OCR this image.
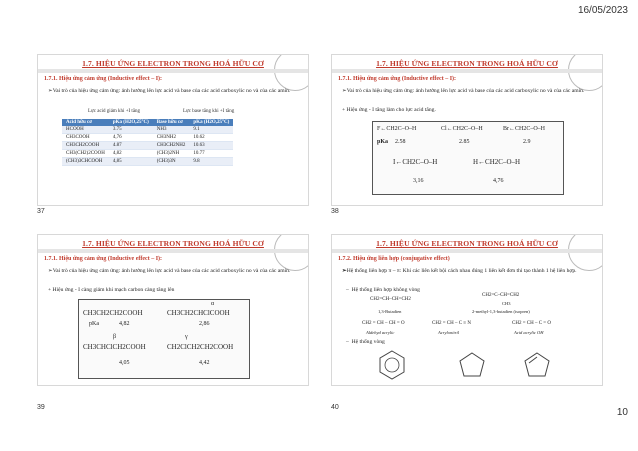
16/05/2023
1.7. HIỆU ỨNG ELECTRON TRONG HOÁ HỮU CƠ
1.7.1. Hiệu ứng cảm ứng (Inductive effect – I):
➢Vai trò của hiệu ứng cảm ứng: ảnh hưởng lên lực acid và base của các acid carboxylic no và của các amin.
Lực acid giảm khi +I tăng	Lực base tăng khi +I tăng
Acid hữu cơ	pKa (H2O,25°C)	Base hữu cơ	pKa (H2O,25°C)
HCOOH	3.75	NH3	9.1
CH3COOH	4,76	CH3NH2	10.62
CH3CH2COOH	4.87	CH3CH2NH2	10.63
CH3(CH2)2COOH	4,82	(CH3)2NH	10.77
(CH3)3CHCOOH	4,85	(CH3)3N	9.8
37
1.7. HIỆU ỨNG ELECTRON TRONG HOÁ HỮU CƠ
1.7.1. Hiệu ứng cảm ứng (Inductive effect – I):
➢Vai trò của hiệu ứng cảm ứng: ảnh hưởng lên lực acid và base của các acid carboxylic no và của các amin.
+ Hiệu ứng - I tăng làm cho lực acid tăng.
F←CH2C–O–H	Cl←CH2C–O–H	Br←CH2C–O–H
pKa 2.58	2.85	2.9
I←CH2C–O–H	H←CH2C–O–H
3,16	4,76
38
1.7. HIỆU ỨNG ELECTRON TRONG HOÁ HỮU CƠ
1.7.1. Hiệu ứng cảm ứng (Inductive effect – I):
➢Vai trò của hiệu ứng cảm ứng: ảnh hưởng lên lực acid và base của các acid carboxylic no và của các amin.
+ Hiệu ứng - I càng giảm khi mạch carbon càng tăng lên
α
CH3CH2CH2COOH	CH3CH2CHClCOOH
pKa	4,82	2,86
β	γ
CH3CHClCH2COOH	CH2ClCH2CH2COOH
4,05	4,42
39
1.7. HIỆU ỨNG ELECTRON TRONG HOÁ HỮU CƠ
1.7.2. Hiệu ứng liên hợp (conjugative effect)
➢Hệ thống liên hợp π – π: Khi các liên kết bội cách nhau đúng 1 liên kết đơn thì tạo thành 1 hệ liên hợp.
–  Hệ thống liên hợp không vòng
CH2=CH–CH=CH2
CH2=C–CH=CH2
CH3
1,3-Butadien	2-methyl-1,3-butadien (isopren)
CH2 = CH – CH = O	CH2 = CH – C ≡ N	CH2 = CH – C = O
Aldehyd acrylic	Acrylonitril	Acid acrylic OH
–  Hệ thống vòng
40	10
